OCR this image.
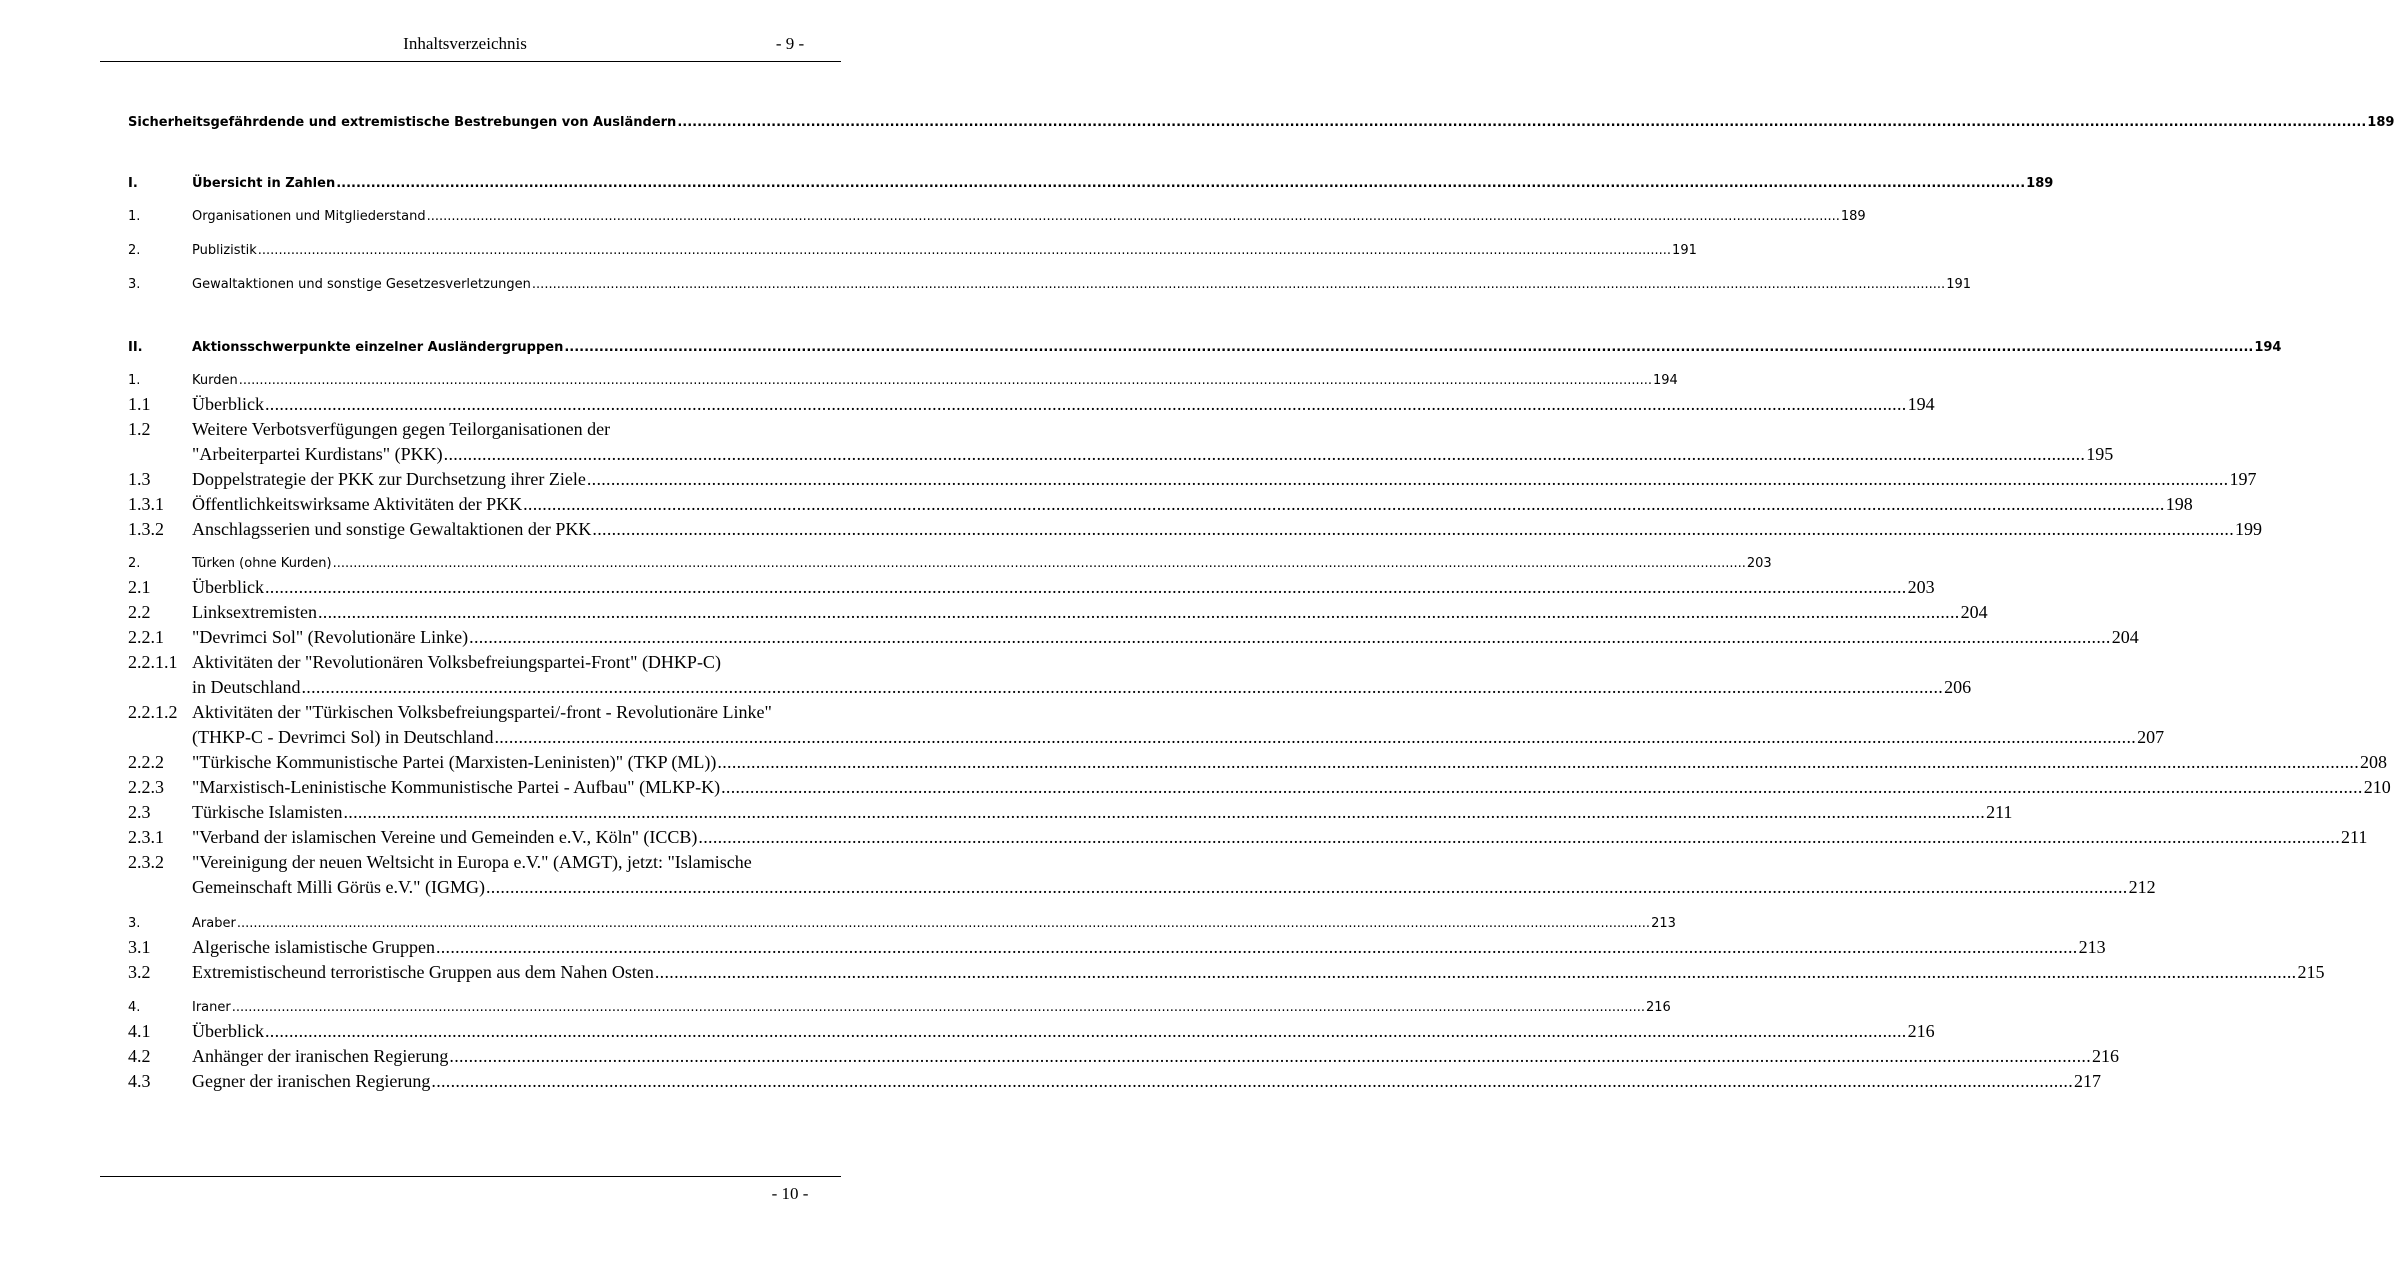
Inhaltsverzeichnis	- 9 -
Sicherheitsgefährdende und extremistische Bestrebungen von Ausländern .....	189
I.	Übersicht in Zahlen .....	189
1.	Organisationen und Mitgliederstand .....	189
2.	Publizistik .....	191
3.	Gewaltaktionen und sonstige Gesetzesverletzungen .....	191
II.	Aktionsschwerpunkte einzelner Ausländergruppen .....	194
1.	Kurden .....	194
1.1	Überblick .....	194
1.2	Weitere Verbotsverfügungen gegen Teilorganisationen der
"Arbeiterpartei Kurdistans" (PKK) .....	195
1.3	Doppelstrategie der PKK zur Durchsetzung ihrer Ziele .....	197
1.3.1	Öffentlichkeitswirksame Aktivitäten der PKK .....	198
1.3.2	Anschlagsserien und sonstige Gewaltaktionen der PKK .....	199
2.	Türken (ohne Kurden) .....	203
2.1	Überblick .....	203
2.2	Linksextremisten .....	204
2.2.1	"Devrimci Sol" (Revolutionäre Linke) .....	204
2.2.1.1 Aktivitäten der "Revolutionären Volksbefreiungspartei-Front" (DHKP-C)
in Deutschland .....	206
2.2.1.2 Aktivitäten der "Türkischen Volksbefreiungspartei/-front - Revolutionäre Linke"
(THKP-C - Devrimci Sol) in Deutschland .....	207
2.2.2	"Türkische Kommunistische Partei (Marxisten-Leninisten)" (TKP (ML)) .....	208
2.2.3	"Marxistisch-Leninistische Kommunistische Partei - Aufbau" (MLKP-K) .....	210
2.3	Türkische Islamisten .....	211
2.3.1	"Verband der islamischen Vereine und Gemeinden e.V., Köln" (ICCB) .....	211
2.3.2	"Vereinigung der neuen Weltsicht in Europa e.V." (AMGT), jetzt: "Islamische
Gemeinschaft Milli Görüs e.V." (IGMG) .....	212
3.	Araber .....	213
3.1	Algerische islamistische Gruppen .....	213
3.2	Extremistischeund terroristische Gruppen aus dem Nahen Osten .....	215
4.	Iraner .....	216
4.1	Überblick .....	216
4.2	Anhänger der iranischen Regierung .....	216
4.3	Gegner der iranischen Regierung .....	217
- 10 -
